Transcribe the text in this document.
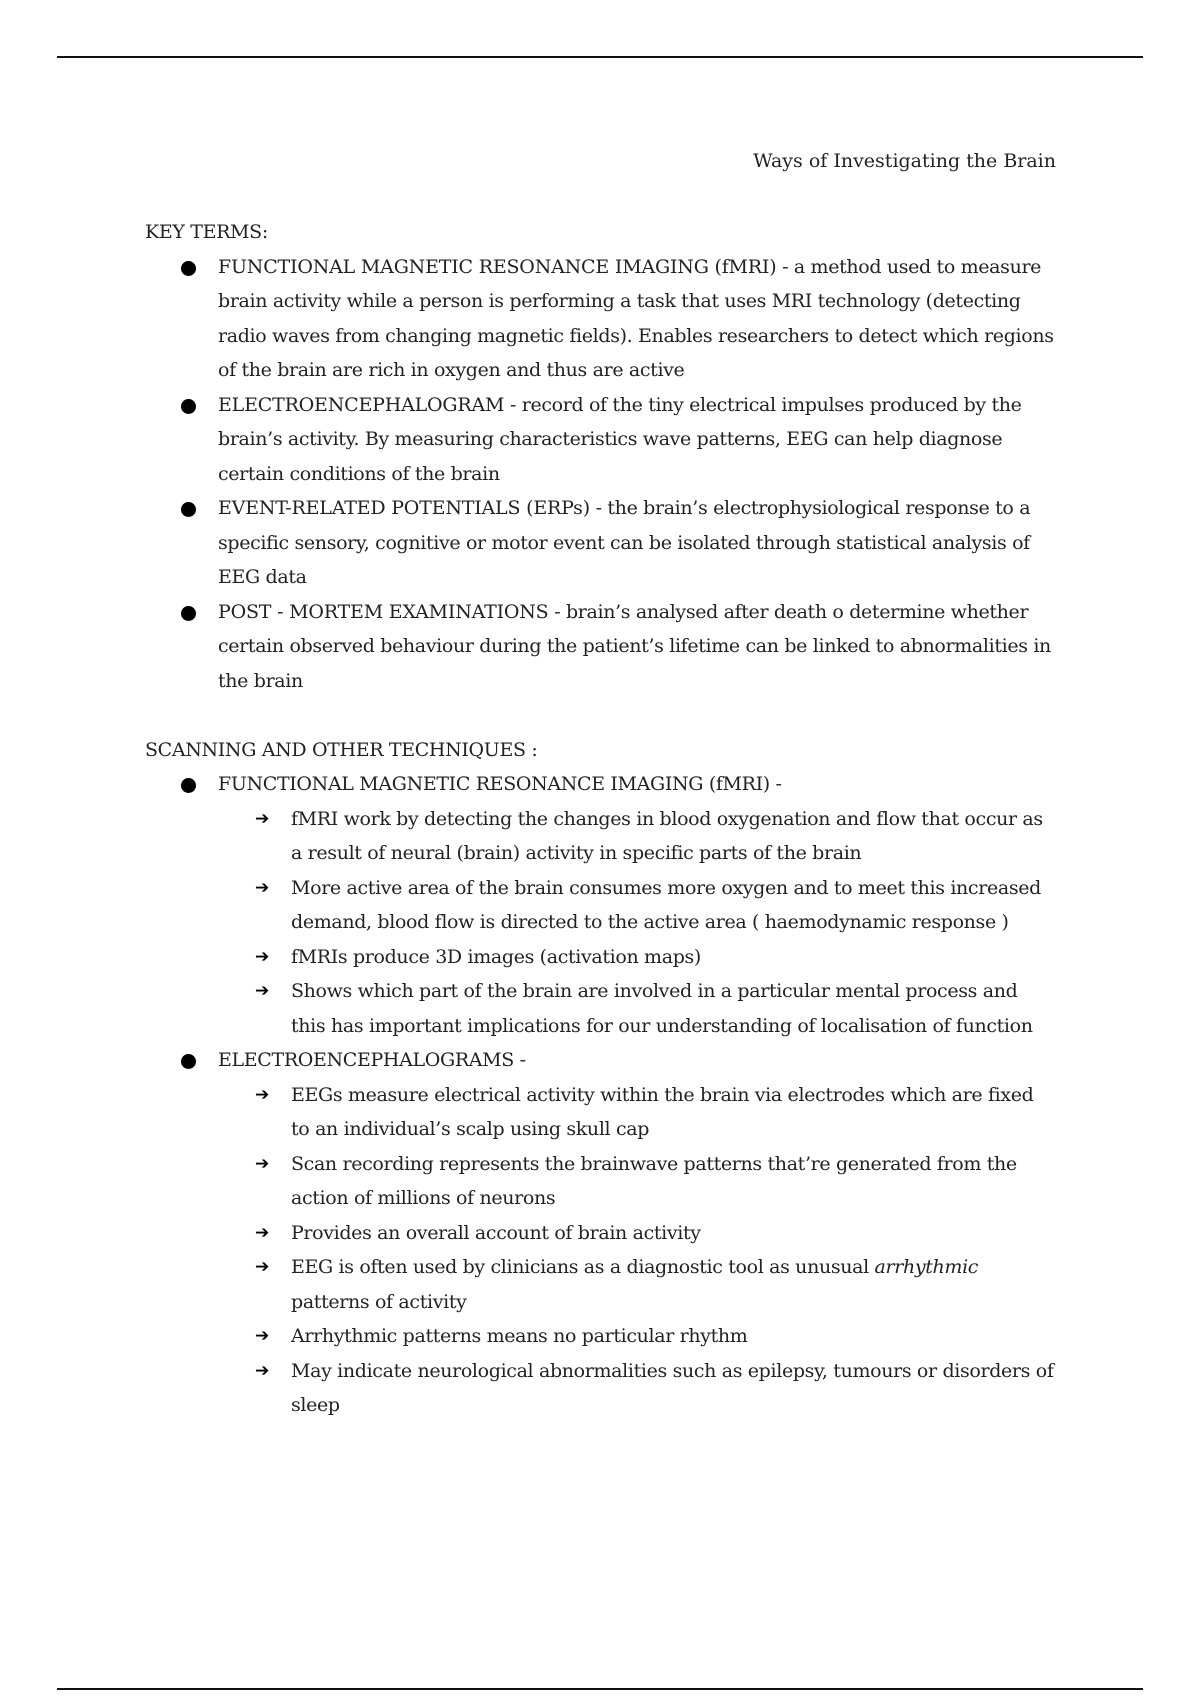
Ways of Investigating the Brain

KEY TERMS:

FUNCTIONAL MAGNETIC RESONANCE IMAGING (fMRI) - a method used to measure brain activity while a person is performing a task that uses MRI technology (detecting radio waves from changing magnetic fields). Enables researchers to detect which regions of the brain are rich in oxygen and thus are active
ELECTROENCEPHALOGRAM - record of the tiny electrical impulses produced by the brain’s activity. By measuring characteristics wave patterns, EEG can help diagnose certain conditions of the brain
EVENT-RELATED POTENTIALS (ERPs) - the brain’s electrophysiological response to a specific sensory, cognitive or motor event can be isolated through statistical analysis of EEG data
POST - MORTEM EXAMINATIONS - brain’s analysed after death o determine whether certain observed behaviour during the patient’s lifetime can be linked to abnormalities in the brain

SCANNING AND OTHER TECHNIQUES :

FUNCTIONAL MAGNETIC RESONANCE IMAGING (fMRI) -
➔ fMRI work by detecting the changes in blood oxygenation and flow that occur as a result of neural (brain) activity in specific parts of the brain
➔ More active area of the brain consumes more oxygen and to meet this increased demand, blood flow is directed to the active area ( haemodynamic response )
➔ fMRIs produce 3D images (activation maps)
➔ Shows which part of the brain are involved in a particular mental process and this has important implications for our understanding of localisation of function
ELECTROENCEPHALOGRAMS -
➔ EEGs measure electrical activity within the brain via electrodes which are fixed to an individual’s scalp using skull cap
➔ Scan recording represents the brainwave patterns that’re generated from the action of millions of neurons
➔ Provides an overall account of brain activity
➔ EEG is often used by clinicians as a diagnostic tool as unusual arrhythmic patterns of activity
➔ Arrhythmic patterns means no particular rhythm
➔ May indicate neurological abnormalities such as epilepsy, tumours or disorders of sleep
